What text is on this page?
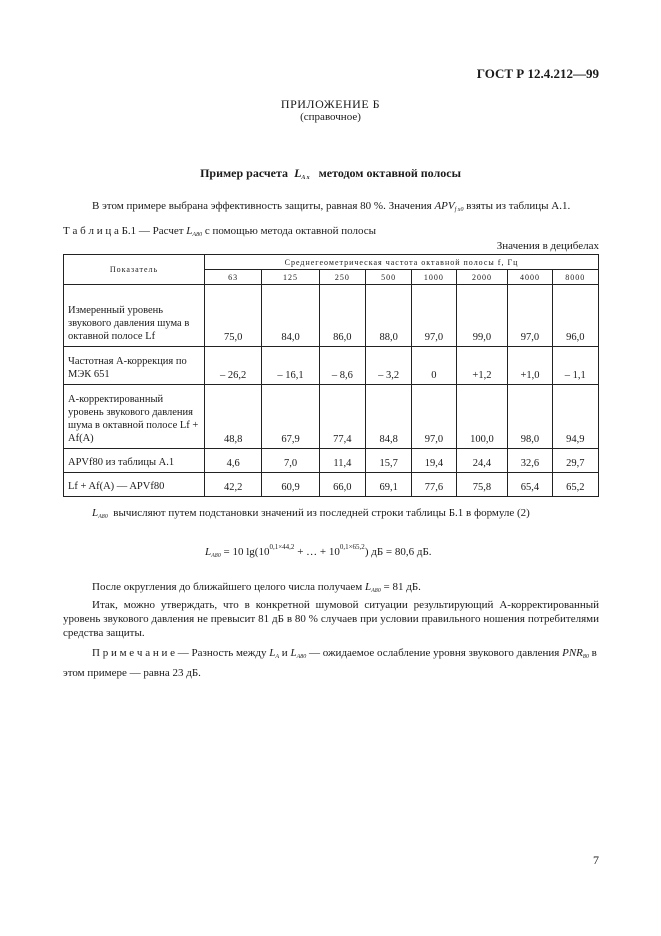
ГОСТ Р 12.4.212—99
ПРИЛОЖЕНИЕ Б
(справочное)
Пример расчета $L_{A x}$ методом октавной полосы
В этом примере выбрана эффективность защиты, равная 80 %. Значения $APV_{f x0}$ взяты из таблицы А.1.
Т а б л и ц а Б.1 — Расчет $L_{A80}$ с помощью метода октавной полосы
Значения в децибелах
Показатель	Среднегеометрическая частота октавной полосы f, Гц							
	63	125	250	500	1000	2000	4000	8000
Измеренный уровень звукового давления шума в октавной полосе Lf	75,0	84,0	86,0	88,0	97,0	99,0	97,0	96,0
Частотная А-коррекция по МЭК 651	– 26,2	– 16,1	– 8,6	– 3,2	0	+1,2	+1,0	– 1,1
А-корректированный уровень звукового давления шума в октавной полосе Lf + Af(A)	48,8	67,9	77,4	84,8	97,0	100,0	98,0	94,9
APVf80 из таблицы А.1	4,6	7,0	11,4	15,7	19,4	24,4	32,6	29,7
Lf + Af(A) — APVf80	42,2	60,9	66,0	69,1	77,6	75,8	65,4	65,2
$L_{A80}$ вычисляют путем подстановки значений из последней строки таблицы Б.1 в формуле (2)
$L_{A80} = 10$ $\lg(10^{0,1\times 44,2}$ + … + $10^{0,1\times 65,2}$) дБ = 80,6 дБ.
После округления до ближайшего целого числа получаем $L_{A80} = 81$ дБ.
Итак, можно утверждать, что в конкретной шумовой ситуации результирующий А-корректированный уровень звукового давления не превысит 81 дБ в 80 % случаев при условии правильного ношения потребителями средства защиты.
П р и м е ч а н и е — Разность между $L_A$ и $L_{A80}$ — ожидаемое ослабление уровня звукового давления $PNR_{80}$ в этом примере — равна 23 дБ.
7
